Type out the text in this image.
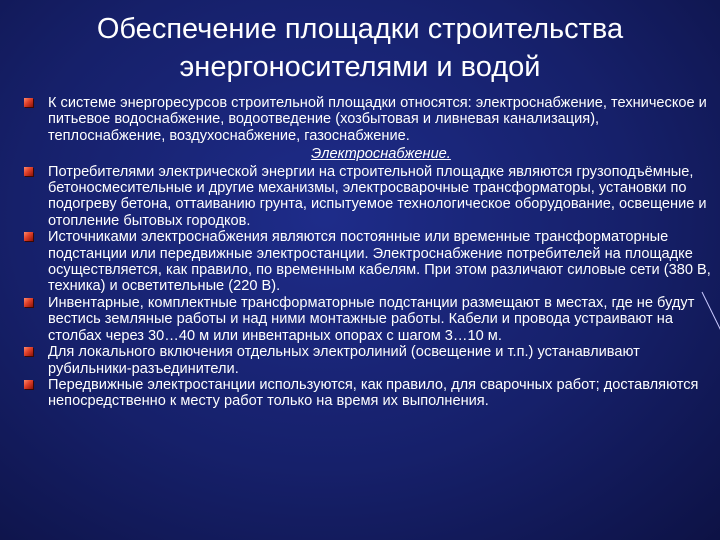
Обеспечение площадки строительства
энергоносителями и водой
К системе энергоресурсов строительной площадки относятся: электроснабжение, техническое и питьевое водоснабжение, водоотведение (хозбытовая и ливневая канализация), теплоснабжение, воздухоснабжение, газоснабжение.
Электроснабжение.
Потребителями электрической энергии на строительной площадке являются грузоподъёмные, бетоносмесительные и другие механизмы, электросварочные трансформаторы, установки по подогреву бетона, оттаиванию грунта, испытуемое технологическое оборудование, освещение и отопление бытовых городков.
Источниками электроснабжения являются постоянные или временные трансформаторные подстанции или передвижные электростанции. Электроснабжение потребителей на площадке осуществляется, как правило, по временным кабелям. При этом различают силовые сети (380 В, техника) и осветительные (220 В).
Инвентарные, комплектные трансформаторные подстанции размещают в местах, где не будут вестись земляные работы и над ними монтажные работы. Кабели и провода устраивают на столбах через 30…40 м или инвентарных опорах с шагом 3…10 м.
Для локального включения отдельных электролиний (освещение и т.п.) устанавливают рубильники-разъединители.
Передвижные электростанции используются, как правило, для сварочных работ; доставляются непосредственно к месту работ только на время их выполнения.
